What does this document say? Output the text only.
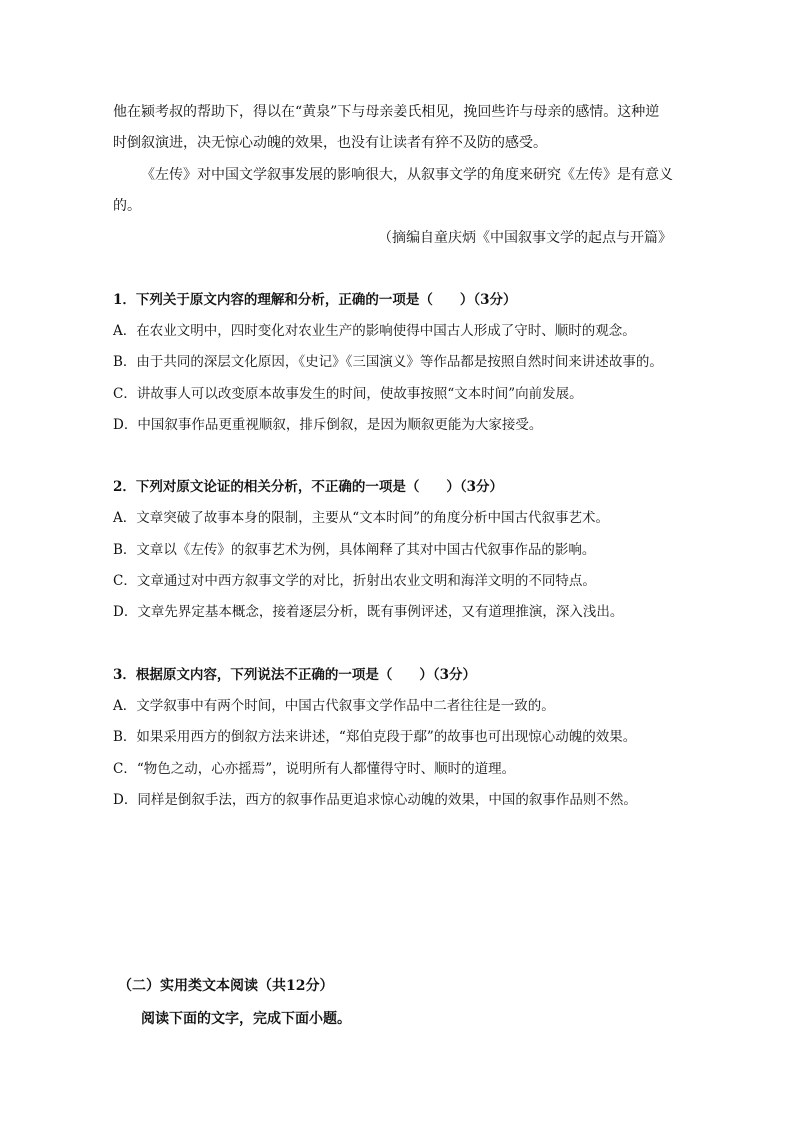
他在颍考叔的帮助下，得以在“黄泉”下与母亲姜氏相见，挽回些许与母亲的感情。这种逆
时倒叙演进，决无惊心动魄的效果，也没有让读者有猝不及防的感受。
《左传》对中国文学叙事发展的影响很大，从叙事文学的角度来研究《左传》是有意义
的。
（摘编自童庆炳《中国叙事文学的起点与开篇》
1．下列关于原文内容的理解和分析，正确的一项是（　　）（3分）
A．在农业文明中，四时变化对农业生产的影响使得中国古人形成了守时、顺时的观念。
B．由于共同的深层文化原因，《史记》《三国演义》等作品都是按照自然时间来讲述故事的。
C．讲故事人可以改变原本故事发生的时间，使故事按照“文本时间”向前发展。
D．中国叙事作品更重视顺叙，排斥倒叙，是因为顺叙更能为大家接受。
2．下列对原文论证的相关分析，不正确的一项是（　　）（3分）
A．文章突破了故事本身的限制，主要从“文本时间”的角度分析中国古代叙事艺术。
B．文章以《左传》的叙事艺术为例，具体阐释了其对中国古代叙事作品的影响。
C．文章通过对中西方叙事文学的对比，折射出农业文明和海洋文明的不同特点。
D．文章先界定基本概念，接着逐层分析，既有事例评述，又有道理推演，深入浅出。
3．根据原文内容，下列说法不正确的一项是（　　）（3分）
A．文学叙事中有两个时间，中国古代叙事文学作品中二者往往是一致的。
B．如果采用西方的倒叙方法来讲述，“郑伯克段于鄢”的故事也可出现惊心动魄的效果。
C．“物色之动，心亦摇焉”，说明所有人都懂得守时、顺时的道理。
D．同样是倒叙手法，西方的叙事作品更追求惊心动魄的效果，中国的叙事作品则不然。
（二）实用类文本阅读（共12分）
阅读下面的文字，完成下面小题。
